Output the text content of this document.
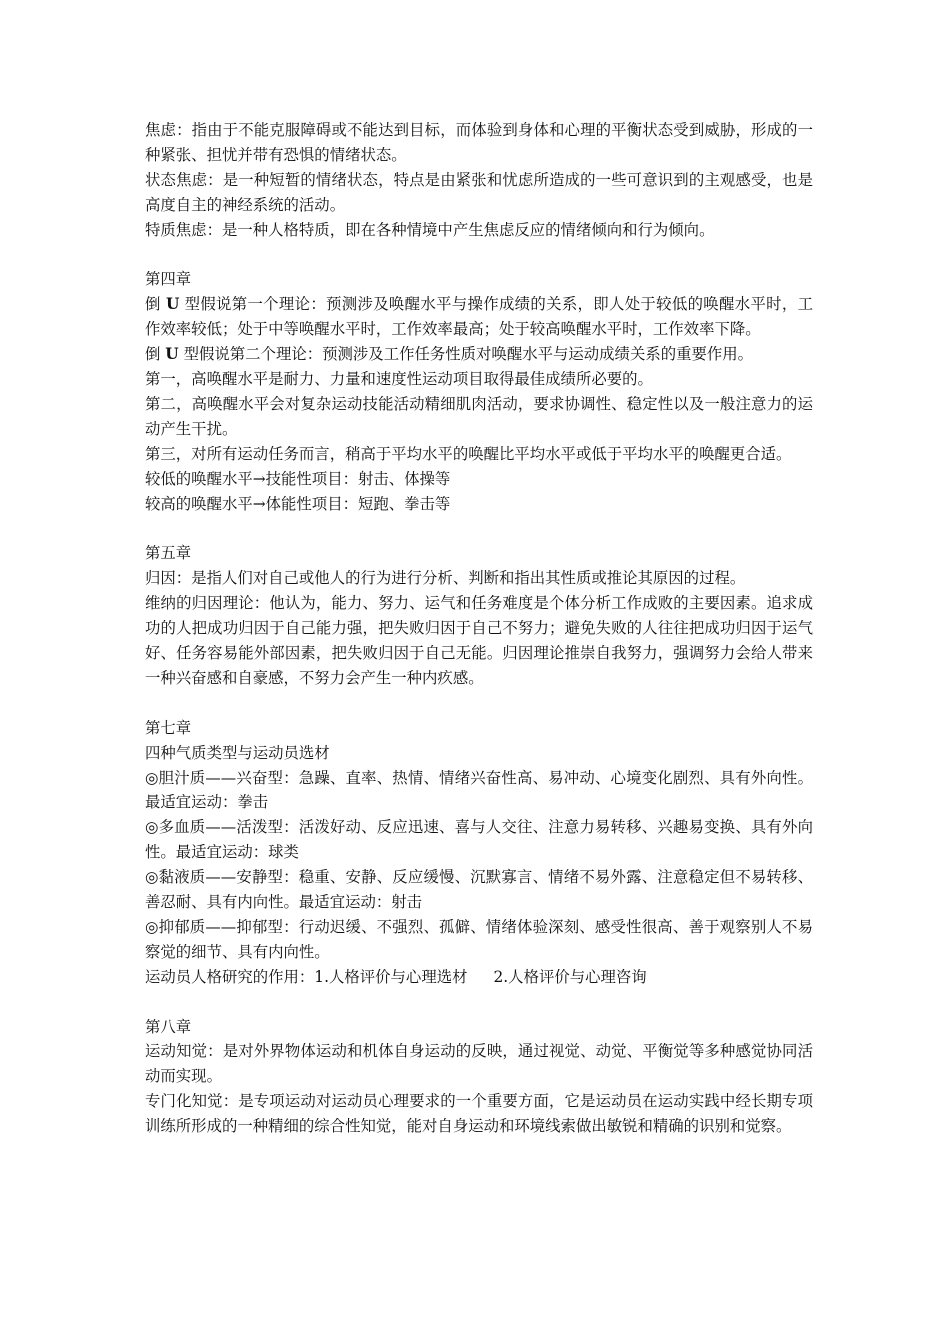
焦虑：指由于不能克服障碍或不能达到目标，而体验到身体和心理的平衡状态受到威胁，形成的一种紧张、担忧并带有恐惧的情绪状态。

状态焦虑：是一种短暂的情绪状态，特点是由紧张和忧虑所造成的一些可意识到的主观感受，也是高度自主的神经系统的活动。

特质焦虑：是一种人格特质，即在各种情境中产生焦虑反应的情绪倾向和行为倾向。

第四章

倒 U 型假说第一个理论：预测涉及唤醒水平与操作成绩的关系，即人处于较低的唤醒水平时，工作效率较低；处于中等唤醒水平时，工作效率最高；处于较高唤醒水平时，工作效率下降。

倒 U 型假说第二个理论：预测涉及工作任务性质对唤醒水平与运动成绩关系的重要作用。

第一，高唤醒水平是耐力、力量和速度性运动项目取得最佳成绩所必要的。

第二，高唤醒水平会对复杂运动技能活动精细肌肉活动，要求协调性、稳定性以及一般注意力的运动产生干扰。

第三，对所有运动任务而言，稍高于平均水平的唤醒比平均水平或低于平均水平的唤醒更合适。

较低的唤醒水平→技能性项目：射击、体操等

较高的唤醒水平→体能性项目：短跑、拳击等

第五章

归因：是指人们对自己或他人的行为进行分析、判断和指出其性质或推论其原因的过程。

维纳的归因理论：他认为，能力、努力、运气和任务难度是个体分析工作成败的主要因素。追求成功的人把成功归因于自己能力强，把失败归因于自己不努力；避免失败的人往往把成功归因于运气好、任务容易能外部因素，把失败归因于自己无能。归因理论推崇自我努力，强调努力会给人带来一种兴奋感和自豪感，不努力会产生一种内疚感。

第七章

四种气质类型与运动员选材

◎胆汁质——兴奋型：急躁、直率、热情、情绪兴奋性高、易冲动、心境变化剧烈、具有外向性。最适宜运动：拳击

◎多血质——活泼型：活泼好动、反应迅速、喜与人交往、注意力易转移、兴趣易变换、具有外向性。最适宜运动：球类

◎黏液质——安静型：稳重、安静、反应缓慢、沉默寡言、情绪不易外露、注意稳定但不易转移、善忍耐、具有内向性。最适宜运动：射击

◎抑郁质——抑郁型：行动迟缓、不强烈、孤僻、情绪体验深刻、感受性很高、善于观察别人不易察觉的细节、具有内向性。

运动员人格研究的作用：1.人格评价与心理选材 2.人格评价与心理咨询

第八章

运动知觉：是对外界物体运动和机体自身运动的反映，通过视觉、动觉、平衡觉等多种感觉协同活动而实现。

专门化知觉：是专项运动对运动员心理要求的一个重要方面，它是运动员在运动实践中经长期专项训练所形成的一种精细的综合性知觉，能对自身运动和环境线索做出敏锐和精确的识别和觉察。
